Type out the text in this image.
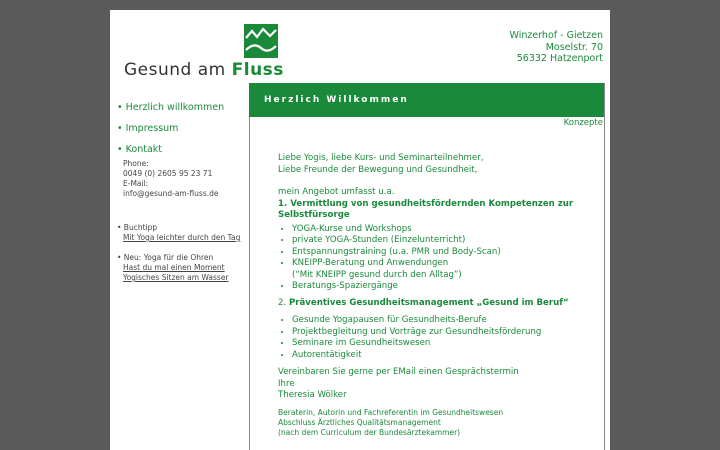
Gesund am Fluss
Winzerhof - Gietzen
Moselstr. 70
56332 Hatzenport
• Herzlich willkommen
• Impressum
• Kontakt
Phone:
0049 (0) 2605 95 23 71
E-Mail:
info@gesund-am-fluss.de
• Buchtipp
Mit Yoga leichter durch den Tag
• Neu: Yoga für die Ohren
Hast du mal einen Moment
Yogisches Sitzen am Wasser
Herzlich Willkommen
Konzepte

Liebe Yogis, liebe Kurs- und Seminarteilnehmer,

Liebe Freunde der Bewegung und Gesundheit,

mein Angebot umfasst u.a.

1. Vermittlung von gesundheitsfördernden Kompetenzen zur Selbstfürsorge

• YOGA-Kurse und Workshops
• private YOGA-Stunden (Einzelunterricht)
• Entspannungstraining (u.a. PMR und Body-Scan)
• KNEIPP-Beratung und Anwendungen
(“Mit KNEIPP gesund durch den Alltag”)
• Beratungs-Spaziergänge

2. Präventives Gesundheitsmanagement „Gesund im Beruf“

• Gesunde Yogapausen für Gesundheits-Berufe
• Projektbegleitung und Vorträge zur Gesundheitsförderung
• Seminare im Gesundheitswesen
• Autorentätigkeit

Vereinbaren Sie gerne per EMail einen Gesprächstermin

Ihre

Theresia Wölker

Beraterin, Autorin und Fachreferentin im Gesundheitswesen

Abschluss Ärztliches Qualitätsmanagement

(nach dem Curriculum der Bundesärztekammer)
